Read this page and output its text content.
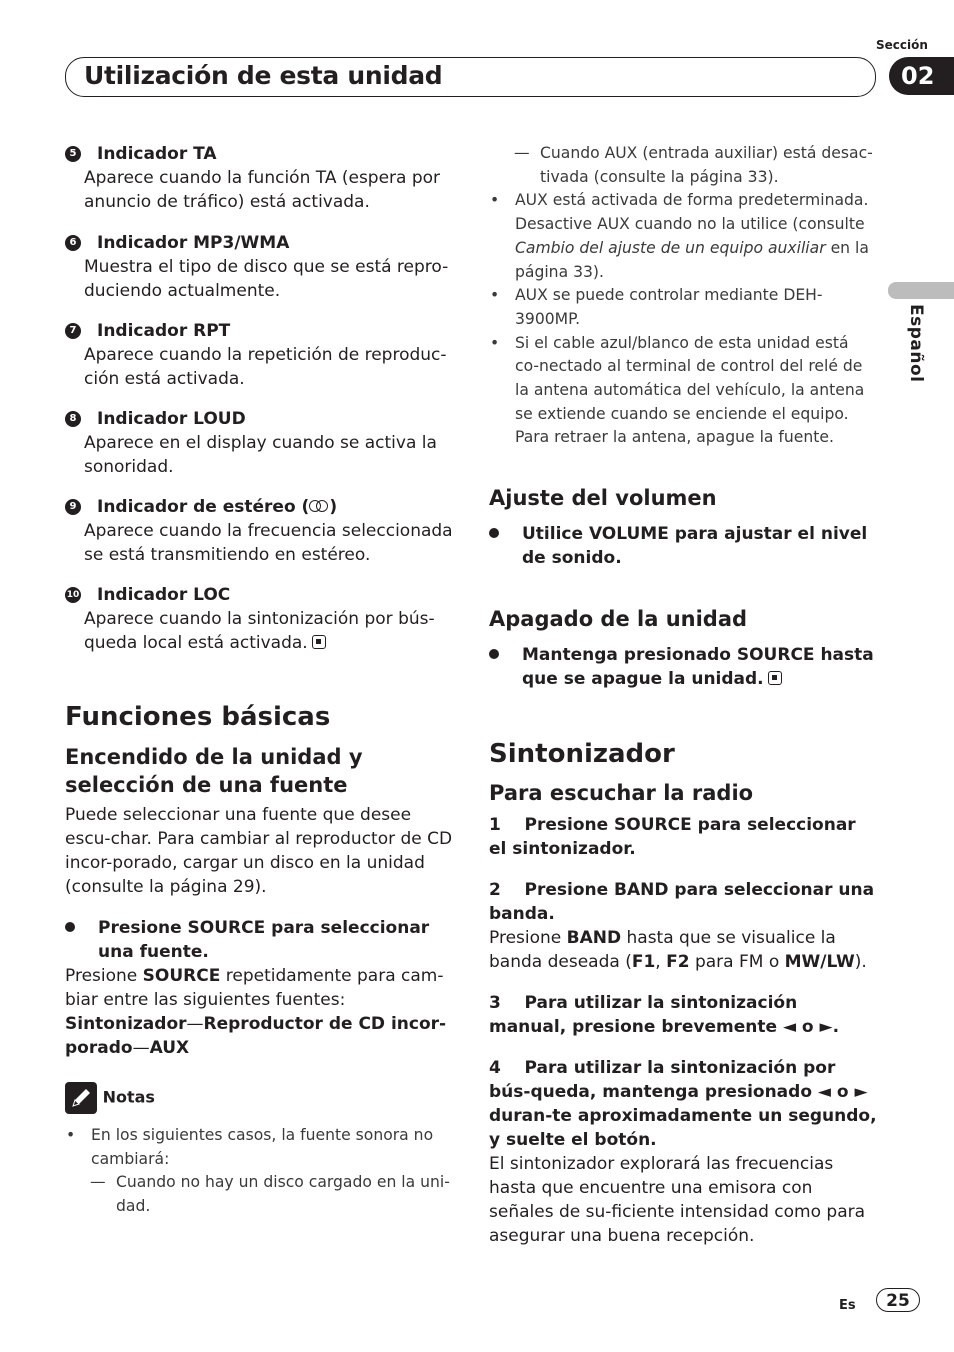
Sección
Utilización de esta unidad	02
Español
5 Indicador TA

Aparece cuando la función TA (espera por anuncio de tráfico) está activada.

6 Indicador MP3/WMA

Muestra el tipo de disco que se está repro-duciendo actualmente.

7 Indicador RPT

Aparece cuando la repetición de reproduc-ción está activada.

8 Indicador LOUD

Aparece en el display cuando se activa la sonoridad.

9 Indicador de estéreo ( )

Aparece cuando la frecuencia seleccionada se está transmitiendo en estéreo.

10 Indicador LOC

Aparece cuando la sintonización por bús-queda local está activada.

Funciones básicas
Encendido de la unidad y selección de una fuente

Puede seleccionar una fuente que desee escu-char. Para cambiar al reproductor de CD incor-porado, cargar un disco en la unidad (consulte la página 29).

Presione SOURCE para seleccionar una fuente.

Presione SOURCE repetidamente para cam-biar entre las siguientes fuentes:

Sintonizador—Reproductor de CD incor-porado—AUX

Notas
• En los siguientes casos, la fuente sonora no cambiará:
— Cuando no hay un disco cargado en la uni-dad.
— Cuando AUX (entrada auxiliar) está desac-tivada (consulte la página 33).
• AUX está activada de forma predeterminada. Desactive AUX cuando no la utilice (consulte Cambio del ajuste de un equipo auxiliar en la página 33).
• AUX se puede controlar mediante DEH-3900MP.
• Si el cable azul/blanco de esta unidad está co-nectado al terminal de control del relé de la antena automática del vehículo, la antena se extiende cuando se enciende el equipo. Para retraer la antena, apague la fuente.
Ajuste del volumen

Utilice VOLUME para ajustar el nivel de sonido.

Apagado de la unidad

Mantenga presionado SOURCE hasta que se apague la unidad.

Sintonizador
Para escuchar la radio

1    Presione SOURCE para seleccionar el sintonizador.

2    Presione BAND para seleccionar una banda.

Presione BAND hasta que se visualice la banda deseada (F1, F2 para FM o MW/LW).

3    Para utilizar la sintonización manual, presione brevemente ◄ o ►.

4    Para utilizar la sintonización por bús-queda, mantenga presionado ◄ o ► duran-te aproximadamente un segundo, y suelte el botón.

El sintonizador explorará las frecuencias hasta que encuentre una emisora con señales de su-ficiente intensidad como para asegurar una buena recepción.

Es	25
